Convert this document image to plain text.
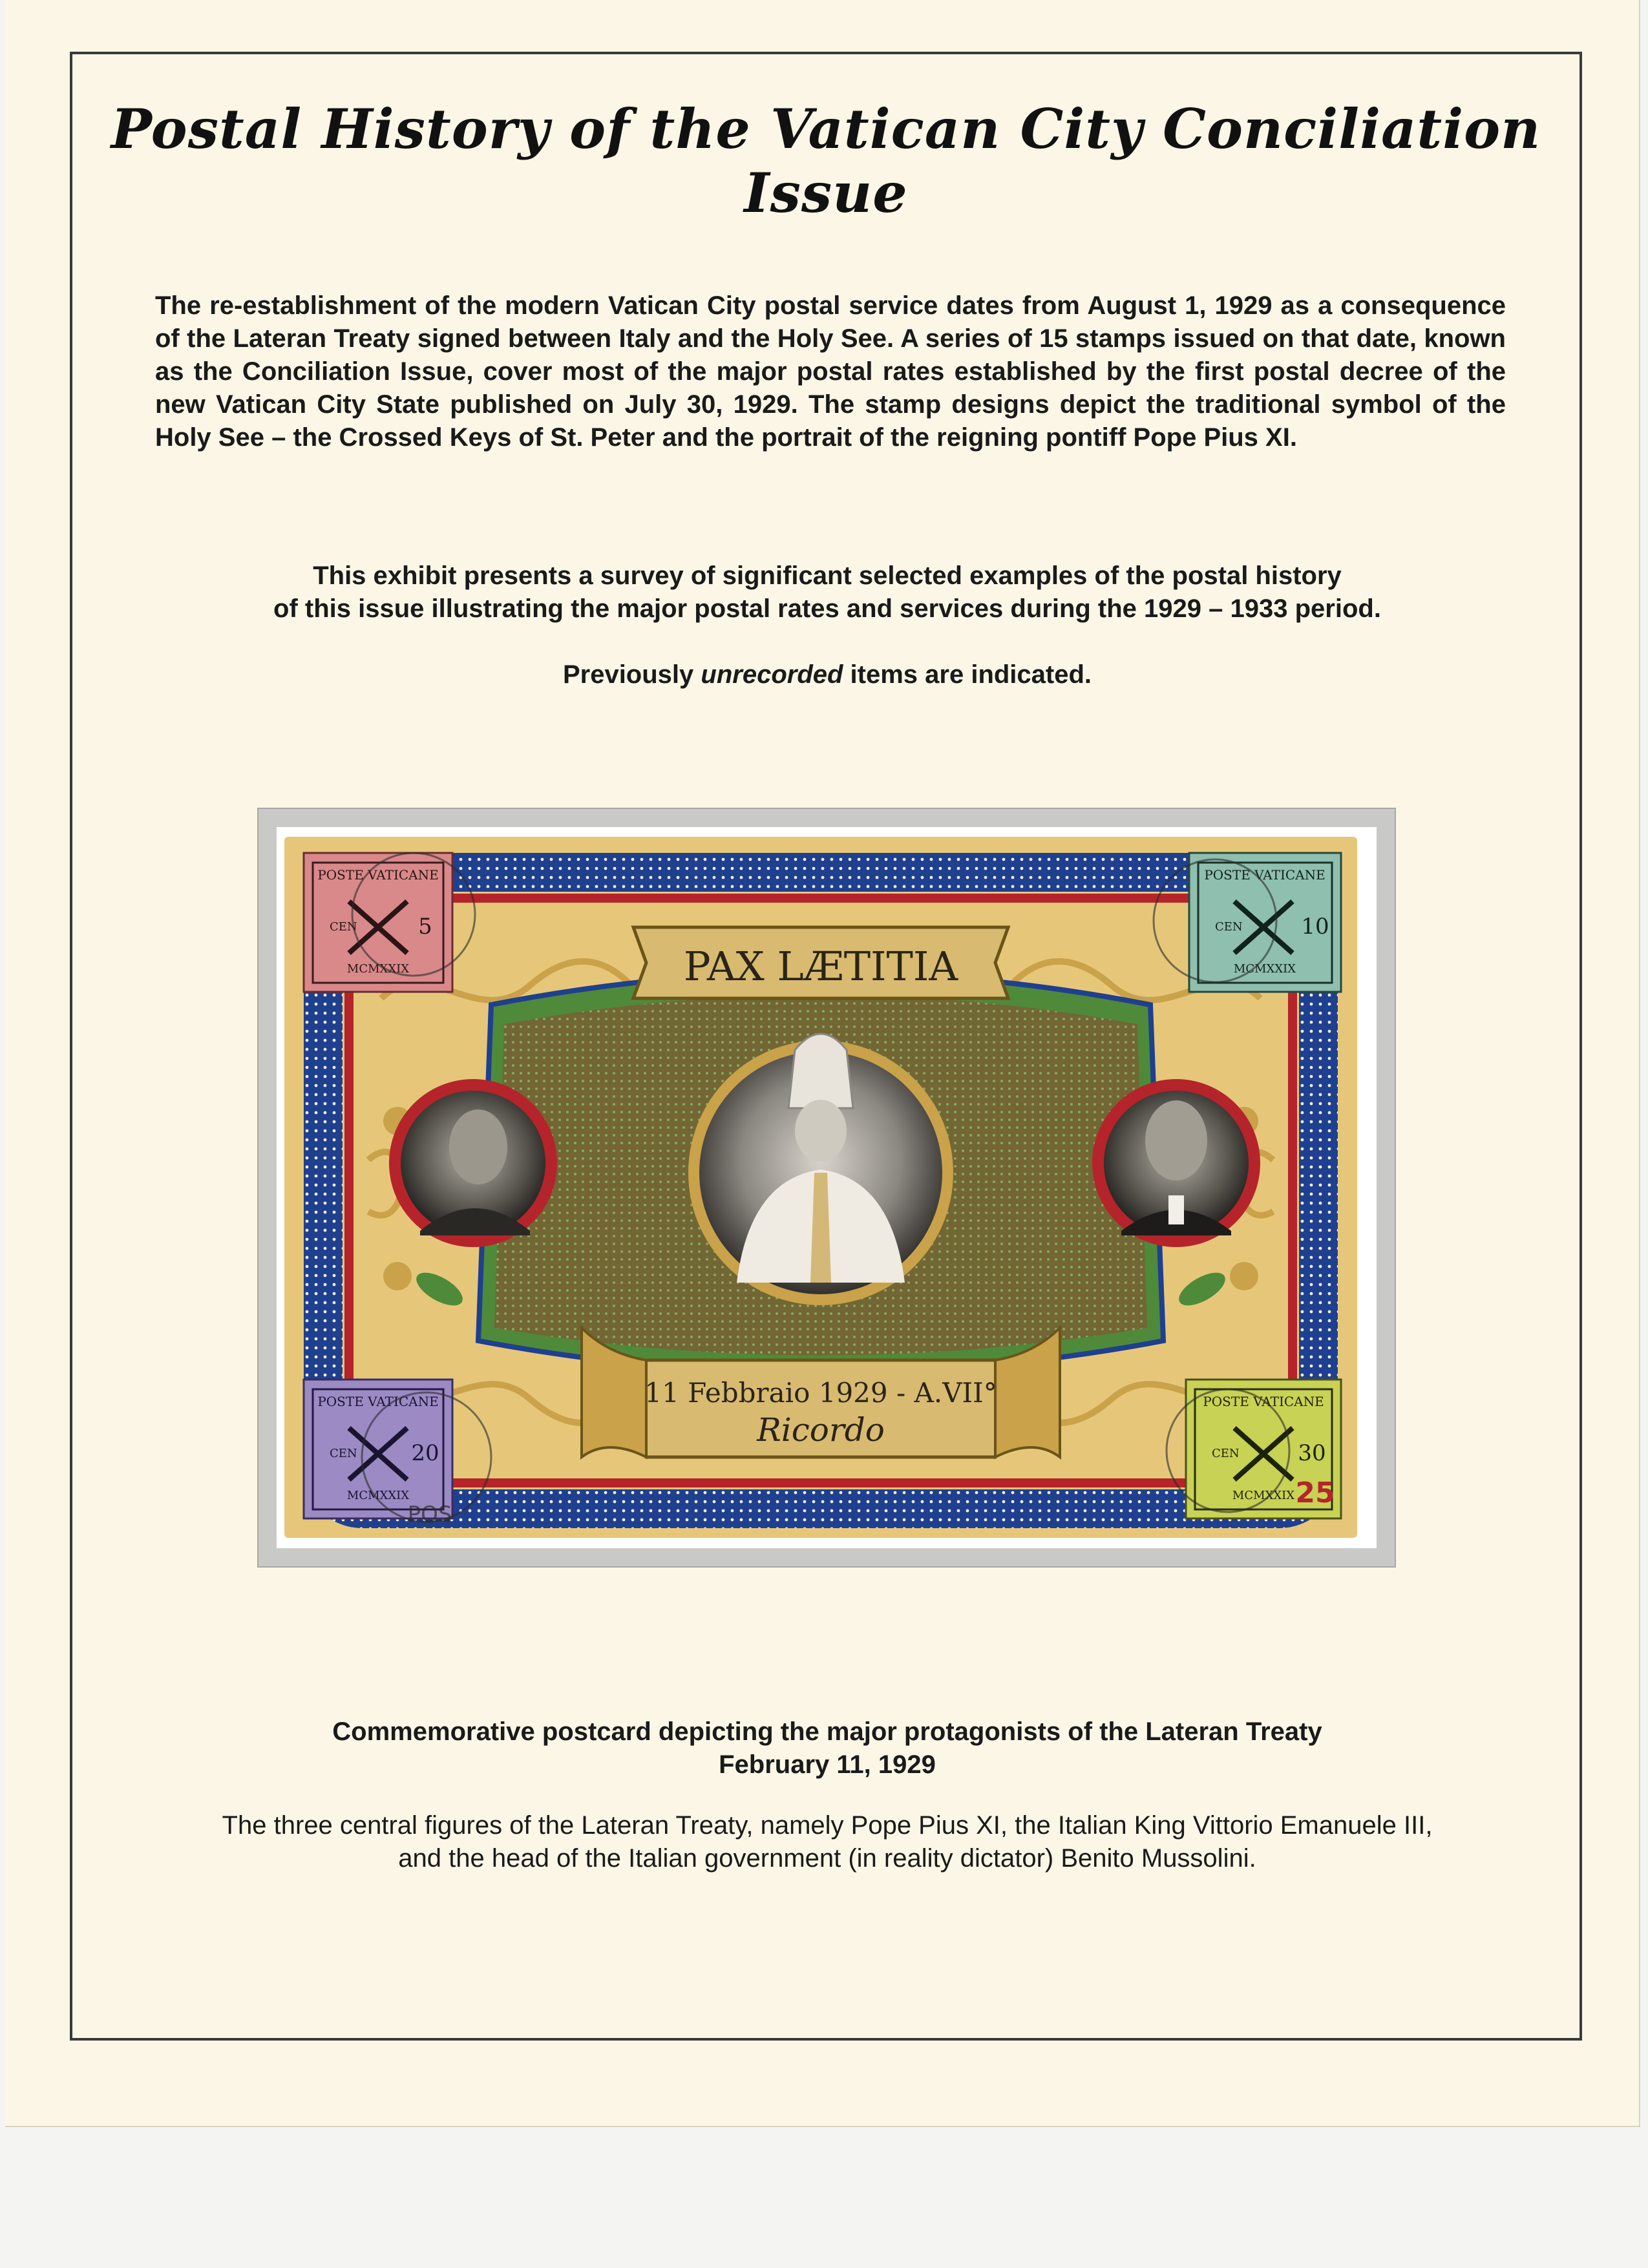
Postal History of the Vatican City Conciliation Issue

The re-establishment of the modern Vatican City postal service dates from August 1, 1929 as a consequence of the Lateran Treaty signed between Italy and the Holy See. A series of 15 stamps issued on that date, known as the Conciliation Issue, cover most of the major postal rates established by the first postal decree of the new Vatican City State published on July 30, 1929. The stamp designs depict the traditional symbol of the Holy See – the Crossed Keys of St. Peter and the portrait of the reigning pontiff Pope Pius XI.

This exhibit presents a survey of significant selected examples of the postal history
of this issue illustrating the major postal rates and services during the 1929 – 1933 period.

Previously unrecorded items are indicated.

PAX LÆTITIA
11 Febbraio 1929 - A.VII°
Ricordo
POSTE VATICANE
CEN	5
MCMXXIX
POSTE VATICANE
CEN	10
MCMXXIX
POSTE VATICANE
CEN 20
MCMXXIX
POS
POSTE VATICANE
CEN	30
MCMXXIX 25

Commemorative postcard depicting the major protagonists of the Lateran Treaty
February 11, 1929

The three central figures of the Lateran Treaty, namely Pope Pius XI, the Italian King Vittorio Emanuele III,
and the head of the Italian government (in reality dictator) Benito Mussolini.
